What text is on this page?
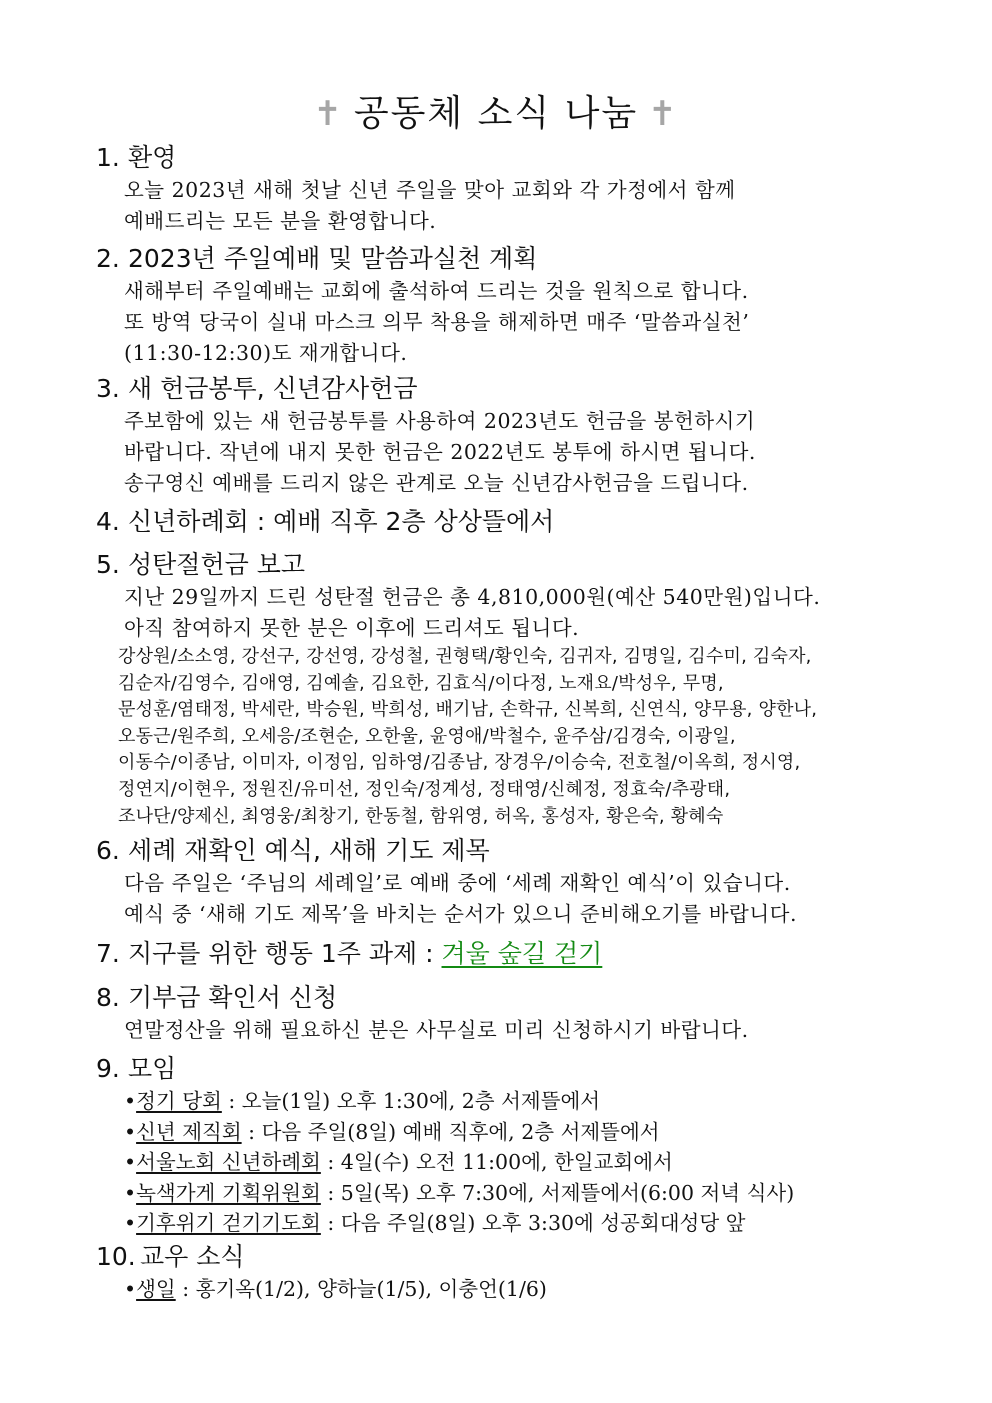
✝ 공동체 소식 나눔 ✝
1. 환영
오늘 2023년 새해 첫날 신년 주일을 맞아 교회와 각 가정에서 함께
예배드리는 모든 분을 환영합니다.
2. 2023년 주일예배 및 말씀과실천 계획
새해부터 주일예배는 교회에 출석하여 드리는 것을 원칙으로 합니다.
또 방역 당국이 실내 마스크 의무 착용을 해제하면 매주 ‘말씀과실천’
(11:30-12:30)도 재개합니다.
3. 새 헌금봉투, 신년감사헌금
주보함에 있는 새 헌금봉투를 사용하여 2023년도 헌금을 봉헌하시기
바랍니다. 작년에 내지 못한 헌금은 2022년도 봉투에 하시면 됩니다.
송구영신 예배를 드리지 않은 관계로 오늘 신년감사헌금을 드립니다.
4. 신년하례회 : 예배 직후 2층 상상뜰에서
5. 성탄절헌금 보고
지난 29일까지 드린 성탄절 헌금은 총 4,810,000원(예산 540만원)입니다.
아직 참여하지 못한 분은 이후에 드리셔도 됩니다.
강상원/소소영, 강선구, 강선영, 강성철, 권형택/황인숙, 김귀자, 김명일, 김수미, 김숙자,
김순자/김영수, 김애영, 김예솔, 김요한, 김효식/이다정, 노재요/박성우, 무명,
문성훈/염태정, 박세란, 박승원, 박희성, 배기남, 손학규, 신복희, 신연식, 양무용, 양한나,
오동근/원주희, 오세응/조현순, 오한울, 윤영애/박철수, 윤주삼/김경숙, 이광일,
이동수/이종남, 이미자, 이정임, 임하영/김종남, 장경우/이승숙, 전호철/이옥희, 정시영,
정연지/이현우, 정원진/유미선, 정인숙/정계성, 정태영/신혜정, 정효숙/추광태,
조나단/양제신, 최영웅/최창기, 한동철, 함위영, 허옥, 홍성자, 황은숙, 황혜숙
6. 세례 재확인 예식, 새해 기도 제목
다음 주일은 ‘주님의 세례일’로 예배 중에 ‘세례 재확인 예식’이 있습니다.
예식 중 ‘새해 기도 제목’을 바치는 순서가 있으니 준비해오기를 바랍니다.
7. 지구를 위한 행동 1주 과제 : 겨울 숲길 걷기
8. 기부금 확인서 신청
연말정산을 위해 필요하신 분은 사무실로 미리 신청하시기 바랍니다.
9. 모임
•정기 당회 : 오늘(1일) 오후 1:30에, 2층 서제뜰에서
•신년 제직회 : 다음 주일(8일) 예배 직후에, 2층 서제뜰에서
•서울노회 신년하례회 : 4일(수) 오전 11:00에, 한일교회에서
•녹색가게 기획위원회 : 5일(목) 오후 7:30에, 서제뜰에서(6:00 저녁 식사)
•기후위기 걷기기도회 : 다음 주일(8일) 오후 3:30에 성공회대성당 앞
10. 교우 소식
•생일 : 홍기옥(1/2), 양하늘(1/5), 이충언(1/6)
